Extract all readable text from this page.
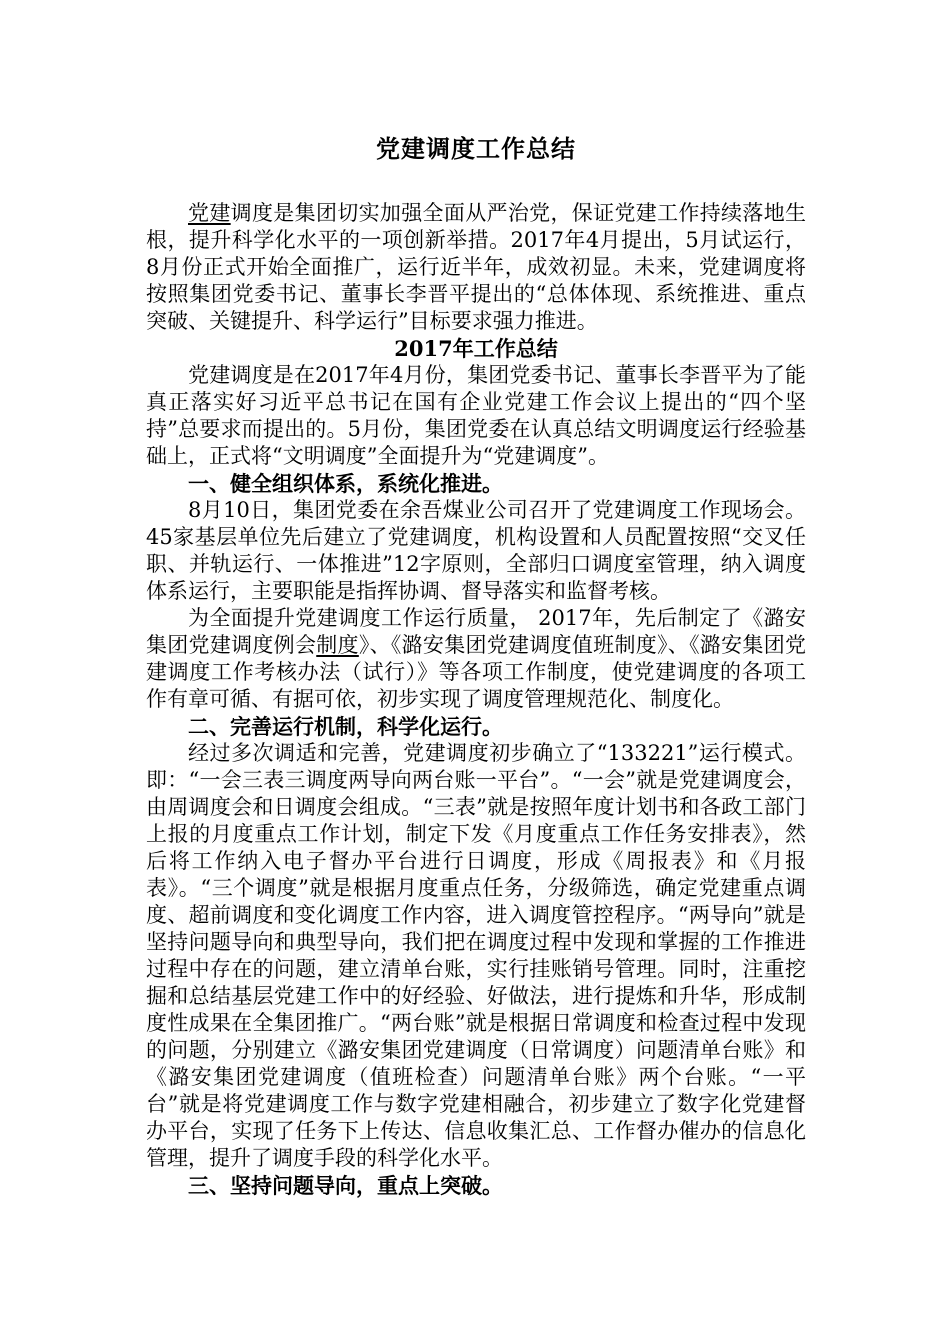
党建调度工作总结

党建调度是集团切实加强全面从严治党，保证党建工作持续落地生根，提升科学化水平的一项创新举措。2017年4月提出，5月试运行，8月份正式开始全面推广，运行近半年，成效初显。未来，党建调度将按照集团党委书记、董事长李晋平提出的“总体体现、系统推进、重点突破、关键提升、科学运行”目标要求强力推进。

2017年工作总结

党建调度是在2017年4月份，集团党委书记、董事长李晋平为了能真正落实好习近平总书记在国有企业党建工作会议上提出的“四个坚持”总要求而提出的。5月份，集团党委在认真总结文明调度运行经验基础上，正式将“文明调度”全面提升为“党建调度”。

一、健全组织体系，系统化推进。

8月10日，集团党委在余吾煤业公司召开了党建调度工作现场会。45家基层单位先后建立了党建调度，机构设置和人员配置按照“交叉任职、并轨运行、一体推进”12字原则，全部归口调度室管理，纳入调度体系运行，主要职能是指挥协调、督导落实和监督考核。

为全面提升党建调度工作运行质量， 2017年，先后制定了《潞安集团党建调度例会制度》、《潞安集团党建调度值班制度》、《潞安集团党建调度工作考核办法（试行）》等各项工作制度，使党建调度的各项工作有章可循、有据可依，初步实现了调度管理规范化、制度化。

二、完善运行机制，科学化运行。

经过多次调适和完善，党建调度初步确立了“133221”运行模式。即：“一会三表三调度两导向两台账一平台”。“一会”就是党建调度会，由周调度会和日调度会组成。“三表”就是按照年度计划书和各政工部门上报的月度重点工作计划，制定下发《月度重点工作任务安排表》，然后将工作纳入电子督办平台进行日调度，形成《周报表》和《月报表》。“三个调度”就是根据月度重点任务，分级筛选，确定党建重点调度、超前调度和变化调度工作内容，进入调度管控程序。“两导向”就是坚持问题导向和典型导向，我们把在调度过程中发现和掌握的工作推进过程中存在的问题，建立清单台账，实行挂账销号管理。同时，注重挖掘和总结基层党建工作中的好经验、好做法，进行提炼和升华，形成制度性成果在全集团推广。“两台账”就是根据日常调度和检查过程中发现的问题，分别建立《潞安集团党建调度（日常调度）问题清单台账》和《潞安集团党建调度（值班检查）问题清单台账》两个台账。“一平台”就是将党建调度工作与数字党建相融合，初步建立了数字化党建督办平台，实现了任务下上传达、信息收集汇总、工作督办催办的信息化管理，提升了调度手段的科学化水平。

三、坚持问题导向，重点上突破。
